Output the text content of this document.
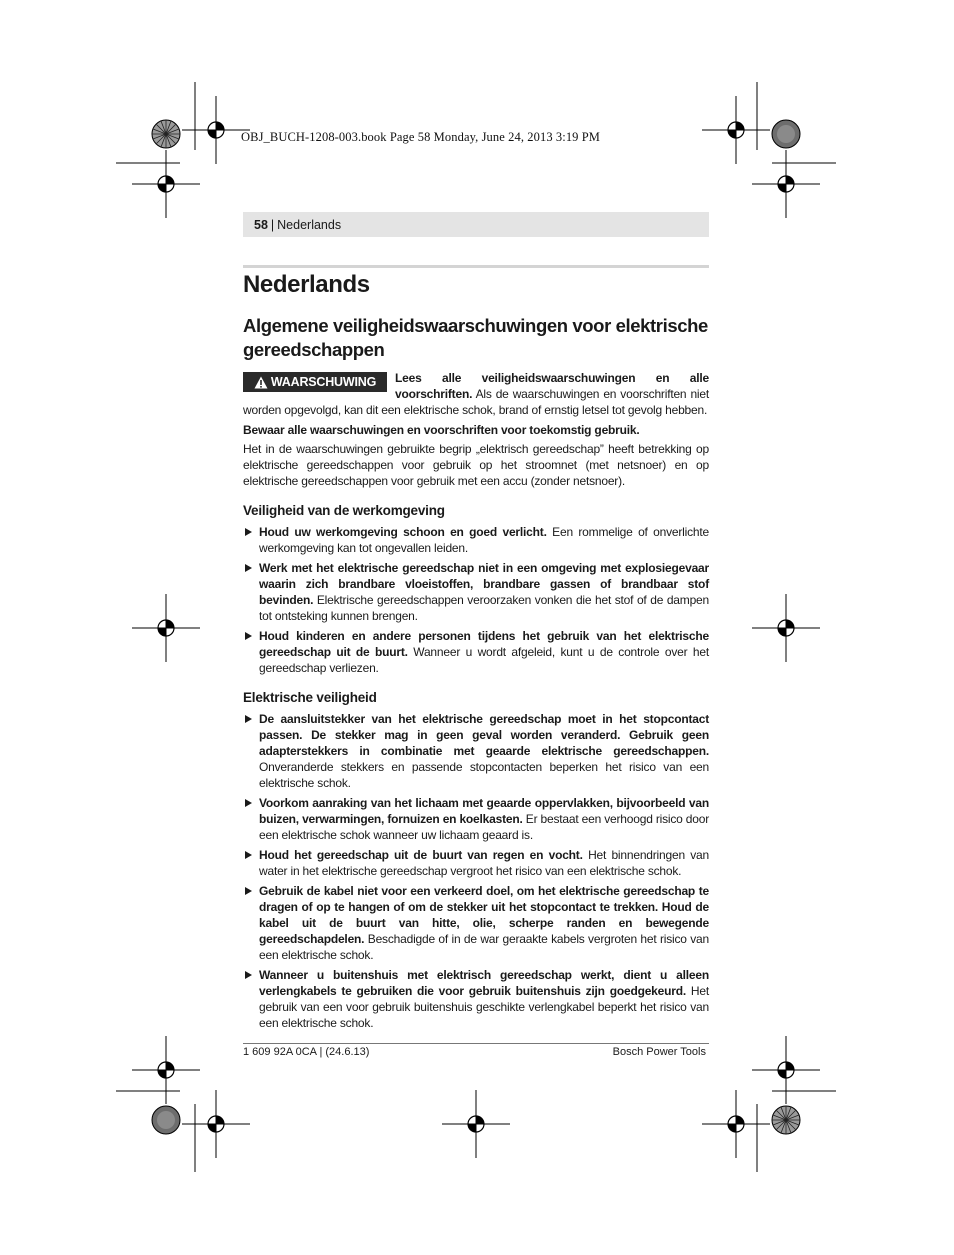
OBJ_BUCH-1208-003.book Page 58 Monday, June 24, 2013 3:19 PM
58 | Nederlands
Nederlands
Algemene veiligheidswaarschuwingen voor elektrische gereedschappen
WAARSCHUWING	Lees alle veiligheidswaarschuwingen en alle voorschriften. Als de waarschuwingen en voorschriften niet worden opgevolgd, kan dit een elektrische schok, brand of ernstig letsel tot gevolg hebben.

Bewaar alle waarschuwingen en voorschriften voor toekomstig gebruik.

Het in de waarschuwingen gebruikte begrip „elektrisch gereedschap” heeft betrekking op elektrische gereedschappen voor gebruik op het stroomnet (met netsnoer) en op elektrische gereedschappen voor gebruik met een accu (zonder netsnoer).

Veiligheid van de werkomgeving
Houd uw werkomgeving schoon en goed verlicht. Een rommelige of onverlichte werkomgeving kan tot ongevallen leiden.
Werk met het elektrische gereedschap niet in een omgeving met explosiegevaar waarin zich brandbare vloeistoffen, brandbare gassen of brandbaar stof bevinden. Elektrische gereedschappen veroorzaken vonken die het stof of de dampen tot ontsteking kunnen brengen.
Houd kinderen en andere personen tijdens het gebruik van het elektrische gereedschap uit de buurt. Wanneer u wordt afgeleid, kunt u de controle over het gereedschap verliezen.
Elektrische veiligheid
De aansluitstekker van het elektrische gereedschap moet in het stopcontact passen. De stekker mag in geen geval worden veranderd. Gebruik geen adapterstekkers in combinatie met geaarde elektrische gereedschappen. Onveranderde stekkers en passende stopcontacten beperken het risico van een elektrische schok.
Voorkom aanraking van het lichaam met geaarde oppervlakken, bijvoorbeeld van buizen, verwarmingen, fornuizen en koelkasten. Er bestaat een verhoogd risico door een elektrische schok wanneer uw lichaam geaard is.
Houd het gereedschap uit de buurt van regen en vocht. Het binnendringen van water in het elektrische gereedschap vergroot het risico van een elektrische schok.
Gebruik de kabel niet voor een verkeerd doel, om het elektrische gereedschap te dragen of op te hangen of om de stekker uit het stopcontact te trekken. Houd de kabel uit de buurt van hitte, olie, scherpe randen en bewegende gereedschapdelen. Beschadigde of in de war geraakte kabels vergroten het risico van een elektrische schok.
Wanneer u buitenshuis met elektrisch gereedschap werkt, dient u alleen verlengkabels te gebruiken die voor gebruik buitenshuis zijn goedgekeurd. Het gebruik van een voor gebruik buitenshuis geschikte verlengkabel beperkt het risico van een elektrische schok.
1 609 92A 0CA | (24.6.13)	Bosch Power Tools
